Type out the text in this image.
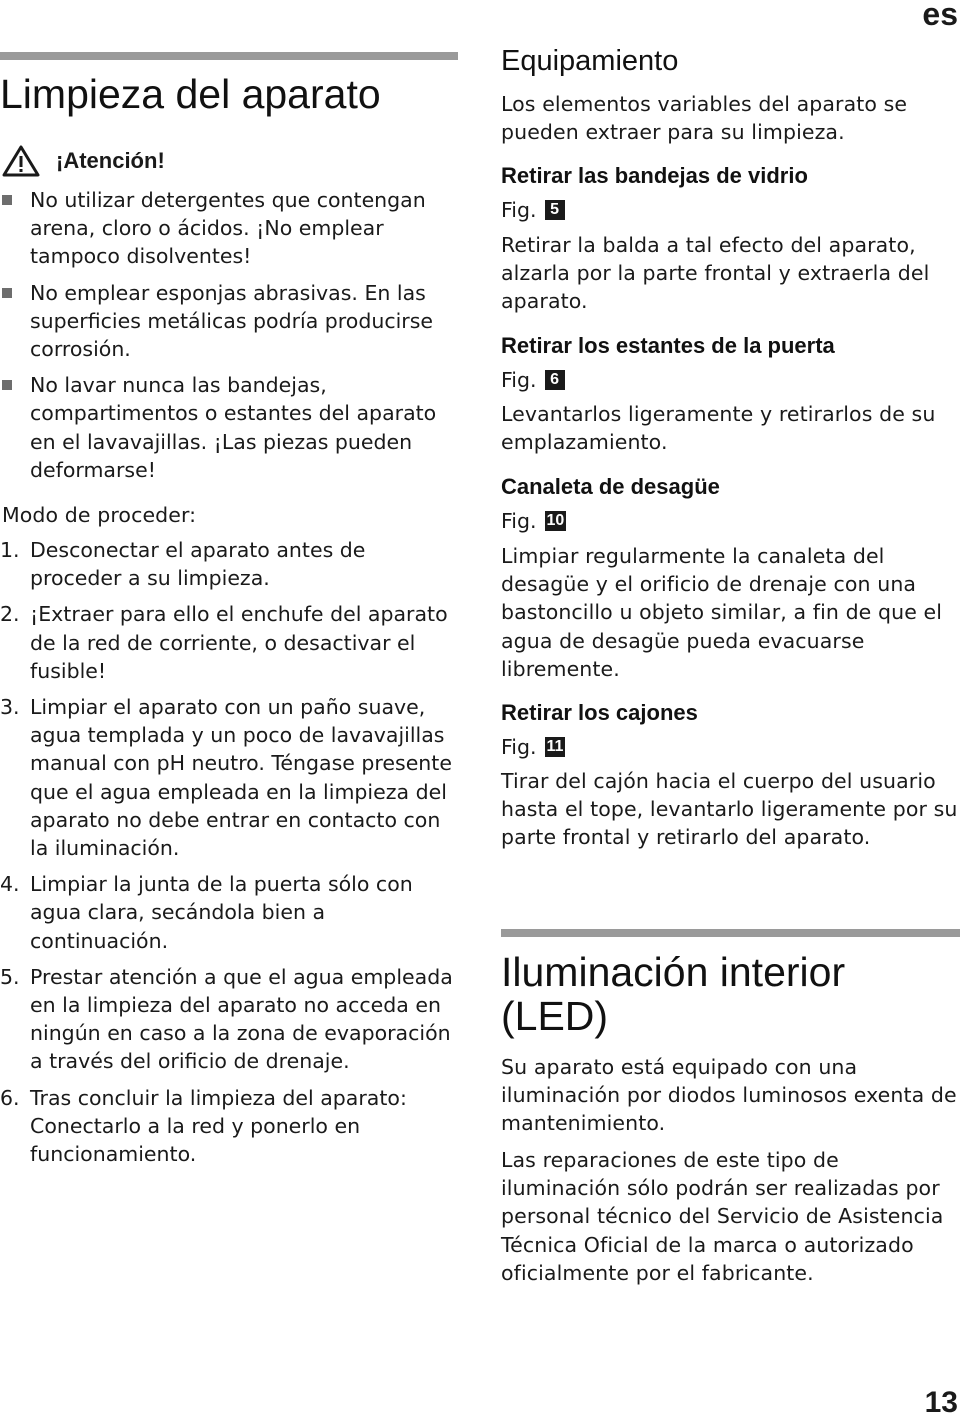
es
Limpieza del aparato
¡Atención!
No utilizar detergentes que contengan arena, cloro o ácidos. ¡No emplear tampoco disolventes!
No emplear esponjas abrasivas. En las superficies metálicas podría producirse corrosión.
No lavar nunca las bandejas, compartimentos o estantes del aparato en el lavavajillas. ¡Las piezas pueden deformarse!

Modo de proceder:

1. Desconectar el aparato antes de proceder a su limpieza.
2. ¡Extraer para ello el enchufe del aparato de la red de corriente, o desactivar el fusible!
3. Limpiar el aparato con un paño suave, agua templada y un poco de lavavajillas manual con pH neutro. Téngase presente que el agua empleada en la limpieza del aparato no debe entrar en contacto con la iluminación.
4. Limpiar la junta de la puerta sólo con agua clara, secándola bien a continuación.
5. Prestar atención a que el agua empleada en la limpieza del aparato no acceda en ningún en caso a la zona de evaporación a través del orificio de drenaje.
6. Tras concluir la limpieza del aparato: Conectarlo a la red y ponerlo en funcionamiento.
Equipamiento

Los elementos variables del aparato se pueden extraer para su limpieza.

Retirar las bandejas de vidrio
Fig. 5

Retirar la balda a tal efecto del aparato, alzarla por la parte frontal y extraerla del aparato.

Retirar los estantes de la puerta
Fig. 6

Levantarlos ligeramente y retirarlos de su emplazamiento.

Canaleta de desagüe
Fig. 10

Limpiar regularmente la canaleta del desagüe y el orificio de drenaje con una bastoncillo u objeto similar, a fin de que el agua de desagüe pueda evacuarse libremente.

Retirar los cajones
Fig. 11

Tirar del cajón hacia el cuerpo del usuario hasta el tope, levantarlo ligeramente por su parte frontal y retirarlo del aparato.

Iluminación interior (LED)

Su aparato está equipado con una iluminación por diodos luminosos exenta de mantenimiento.

Las reparaciones de este tipo de iluminación sólo podrán ser realizadas por personal técnico del Servicio de Asistencia Técnica Oficial de la marca o autorizado oficialmente por el fabricante.

13
